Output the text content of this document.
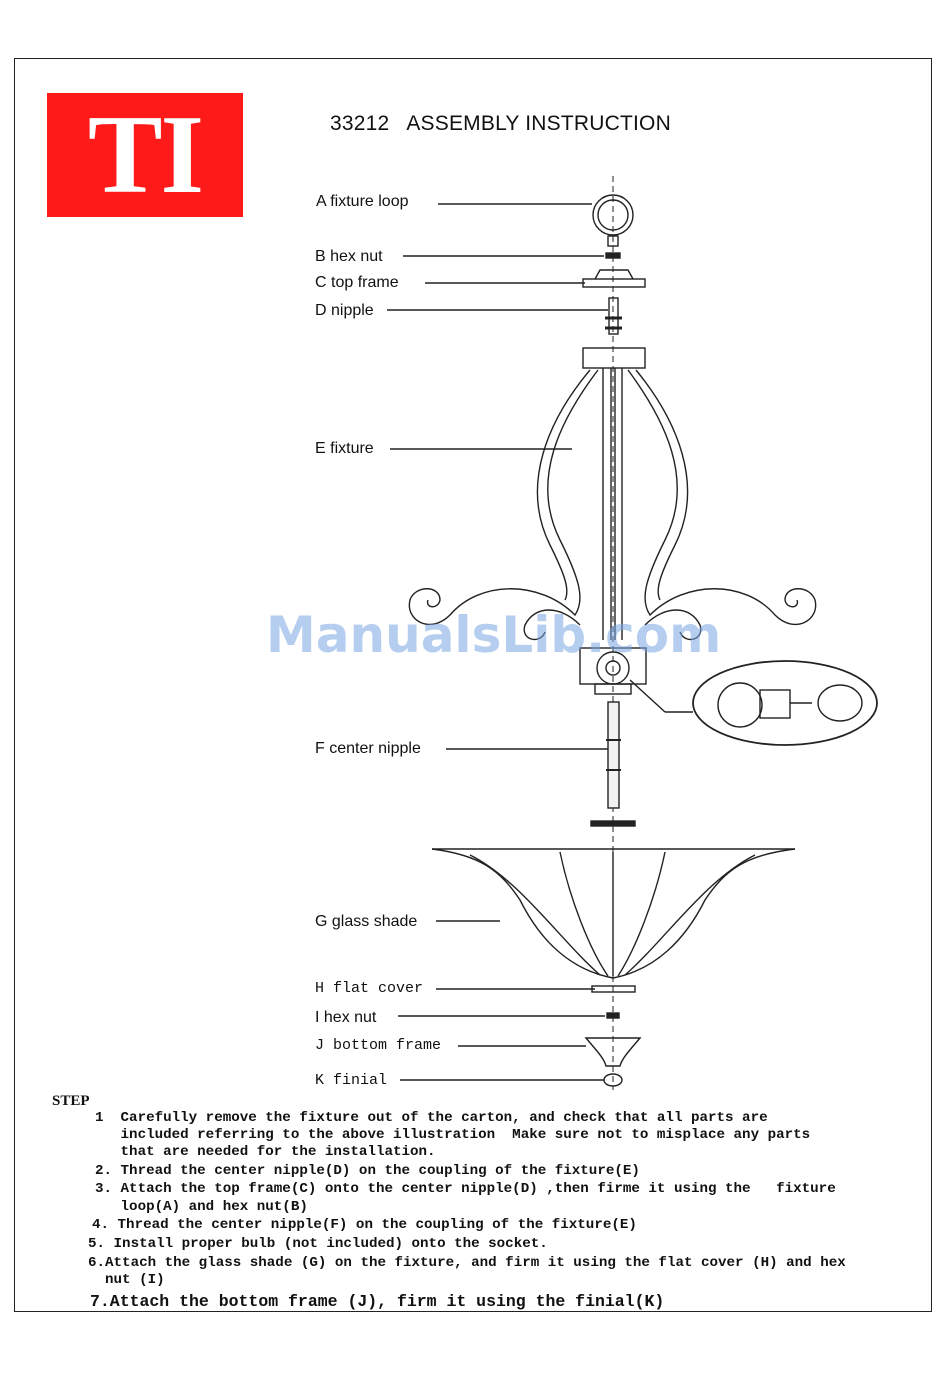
TI	33212   ASSEMBLY INSTRUCTION
A fixture loop
B hex nut
C top frame
D nipple
E fixture
F center nipple
G glass shade
H flat cover
I hex nut
J bottom frame
K finial
ManualsLib.com
STEP
1  Carefully remove the fixture out of the carton, and check that all parts are
included referring to the above illustration  Make sure not to misplace any parts
that are needed for the installation.
2. Thread the center nipple(D) on the coupling of the fixture(E)
3. Attach the top frame(C) onto the center nipple(D) ,then firme it using the   fixture
loop(A) and hex nut(B)
4. Thread the center nipple(F) on the coupling of the fixture(E)
5. Install proper bulb (not included) onto the socket.
6.Attach the glass shade (G) on the fixture, and firm it using the flat cover (H) and hex
nut (I)
7.Attach the bottom frame (J), firm it using the finial(K)
